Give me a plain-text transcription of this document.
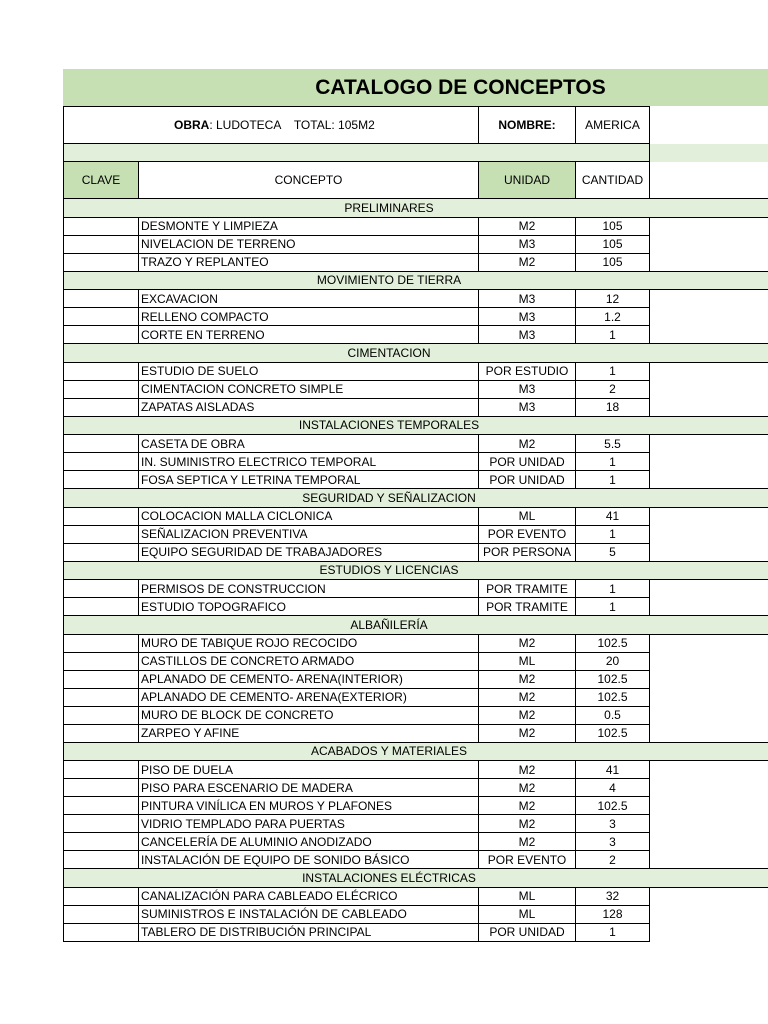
CATALOGO DE CONCEPTOS
OBRA: LUDOTECA    TOTAL: 105M2		NOMBRE:	AMERICA	

CLAVE	CONCEPTO	UNIDAD	CANTIDAD	

PRELIMINARES				

	DESMONTE Y LIMPIEZA	M2	105	
	NIVELACION DE TERRENO	M3	105	
	TRAZO Y REPLANTEO	M2	105	

MOVIMIENTO DE TIERRA				

	EXCAVACION	M3	12	
	RELLENO COMPACTO	M3	1.2	
	CORTE EN TERRENO	M3	1	

CIMENTACION				

	ESTUDIO DE SUELO	POR ESTUDIO	1	
	CIMENTACION CONCRETO SIMPLE	M3	2	
	ZAPATAS AISLADAS	M3	18	

INSTALACIONES TEMPORALES				

	CASETA DE OBRA	M2	5.5	
	IN. SUMINISTRO ELECTRICO TEMPORAL	POR UNIDAD	1	
	FOSA SEPTICA Y LETRINA TEMPORAL	POR UNIDAD	1	

SEGURIDAD Y SEÑALIZACION				

	COLOCACION MALLA CICLONICA	ML	41	
	SEÑALIZACION PREVENTIVA	POR EVENTO	1	
	EQUIPO SEGURIDAD DE TRABAJADORES	POR PERSONA	5	

ESTUDIOS Y LICENCIAS				

	PERMISOS DE CONSTRUCCION	POR TRAMITE	1	
	ESTUDIO TOPOGRAFICO	POR TRAMITE	1	

ALBAÑILERÍA				

	MURO DE TABIQUE ROJO RECOCIDO	M2	102.5	
	CASTILLOS DE CONCRETO ARMADO	ML	20	
	APLANADO DE CEMENTO- ARENA(INTERIOR)	M2	102.5	
	APLANADO DE CEMENTO- ARENA(EXTERIOR)	M2	102.5	
	MURO DE BLOCK DE CONCRETO	M2	0.5	
	ZARPEO Y AFINE	M2	102.5	

ACABADOS Y MATERIALES				

	PISO DE DUELA	M2	41	
	PISO PARA ESCENARIO DE MADERA	M2	4	
	PINTURA VINÍLICA EN MUROS Y PLAFONES	M2	102.5	
	VIDRIO TEMPLADO PARA PUERTAS	M2	3	
	CANCELERÍA DE ALUMINIO ANODIZADO	M2	3	
	INSTALACIÓN DE EQUIPO DE SONIDO BÁSICO	POR EVENTO	2	

INSTALACIONES ELÉCTRICAS				

	CANALIZACIÓN PARA CABLEADO ELÉCRICO	ML	32	
	SUMINISTROS E INSTALACIÓN DE CABLEADO	ML	128	
	TABLERO DE DISTRIBUCIÓN PRINCIPAL	POR UNIDAD	1	
